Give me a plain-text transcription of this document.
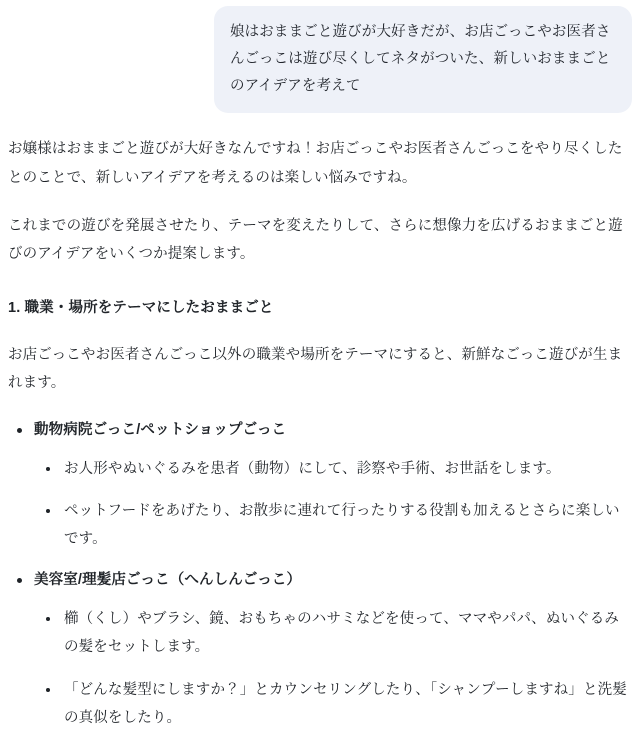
娘はおままごと遊びが大好きだが、お店ごっこやお医者さんごっこは遊び尽くしてネタがついた、新しいおままごとのアイデアを考えて

お嬢様はおままごと遊びが大好きなんですね！お店ごっこやお医者さんごっこをやり尽くしたとのことで、新しいアイデアを考えるのは楽しい悩みですね。

これまでの遊びを発展させたり、テーマを変えたりして、さらに想像力を広げるおままごと遊びのアイデアをいくつか提案します。

1. 職業・場所をテーマにしたおままごと

お店ごっこやお医者さんごっこ以外の職業や場所をテーマにすると、新鮮なごっこ遊びが生まれます。

動物病院ごっこ/ペットショップごっこ
お人形やぬいぐるみを患者（動物）にして、診察や手術、お世話をします。
ペットフードをあげたり、お散歩に連れて行ったりする役割も加えるとさらに楽しいです。
美容室/理髪店ごっこ（へんしんごっこ）
櫛（くし）やブラシ、鏡、おもちゃのハサミなどを使って、ママやパパ、ぬいぐるみの髪をセットします。
「どんな髪型にしますか？」とカウンセリングしたり、「シャンプーしますね」と洗髪の真似をしたり。
